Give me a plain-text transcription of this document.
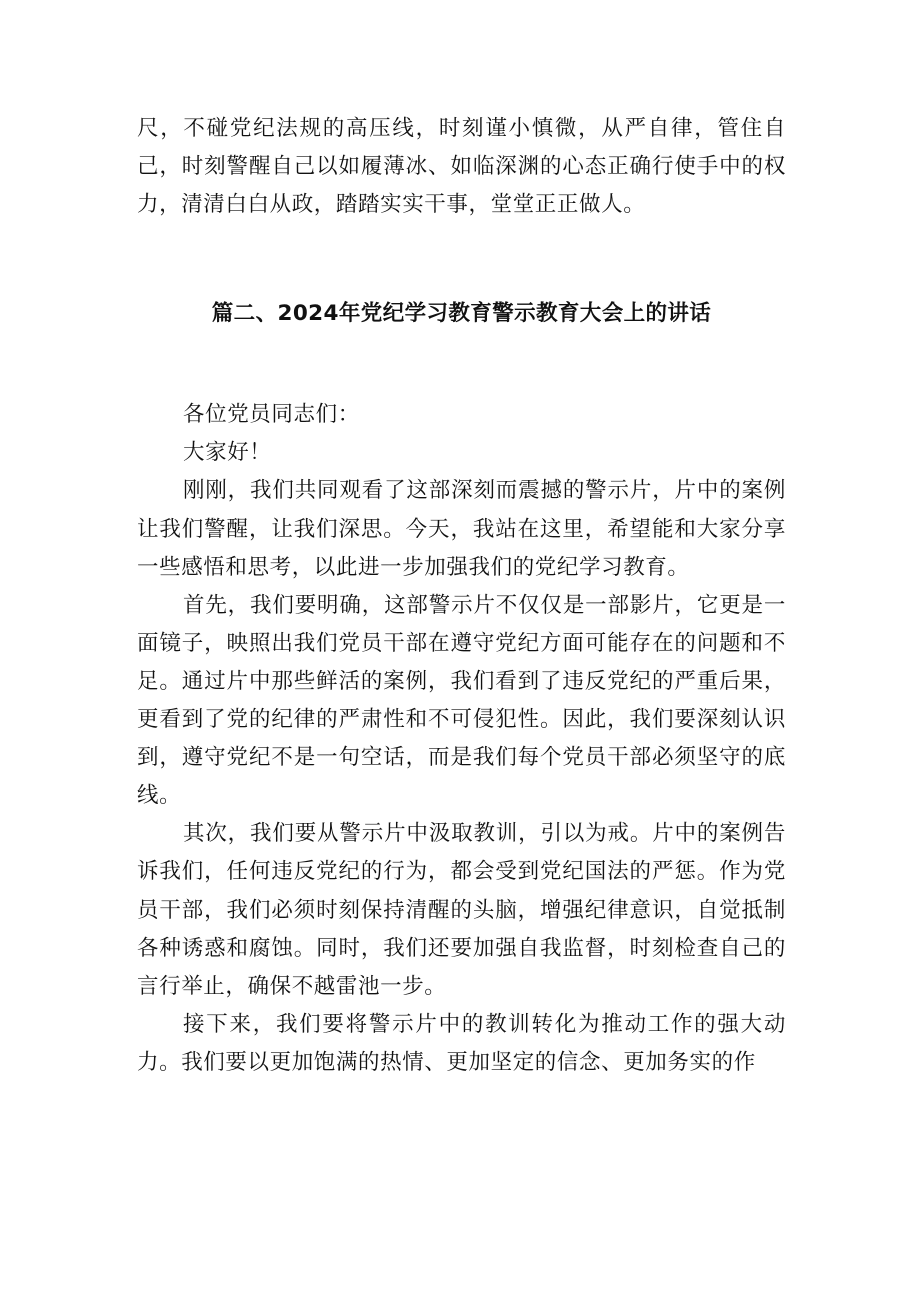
尺，不碰党纪法规的高压线，时刻谨小慎微，从严自律，管住自己，时刻警醒自己以如履薄冰、如临深渊的心态正确行使手中的权力，清清白白从政，踏踏实实干事，堂堂正正做人。

篇二、2024年党纪学习教育警示教育大会上的讲话

各位党员同志们：

大家好！

刚刚，我们共同观看了这部深刻而震撼的警示片，片中的案例让我们警醒，让我们深思。今天，我站在这里，希望能和大家分享一些感悟和思考，以此进一步加强我们的党纪学习教育。

首先，我们要明确，这部警示片不仅仅是一部影片，它更是一面镜子，映照出我们党员干部在遵守党纪方面可能存在的问题和不足。通过片中那些鲜活的案例，我们看到了违反党纪的严重后果，更看到了党的纪律的严肃性和不可侵犯性。因此，我们要深刻认识到，遵守党纪不是一句空话，而是我们每个党员干部必须坚守的底线。

其次，我们要从警示片中汲取教训，引以为戒。片中的案例告诉我们，任何违反党纪的行为，都会受到党纪国法的严惩。作为党员干部，我们必须时刻保持清醒的头脑，增强纪律意识，自觉抵制各种诱惑和腐蚀。同时，我们还要加强自我监督，时刻检查自己的言行举止，确保不越雷池一步。

接下来，我们要将警示片中的教训转化为推动工作的强大动力。我们要以更加饱满的热情、更加坚定的信念、更加务实的作
